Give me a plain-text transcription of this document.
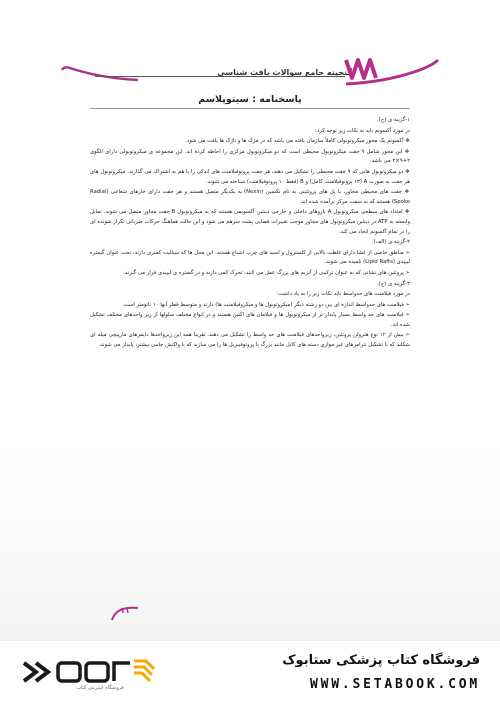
گنجینه جامع سوالات بافت شناسی
پاسخنامه : سیتوپلاسم

۱-گزینه ی (ج).

در مورد آکسونم باید به نکات زیر توجه کرد:

❖ آکسونم یک محور میکروتوبولی کاملاً سازمان یافته می باشد که در مژک ها و تاژک ها یافت می شود.

❖ این محور شامل ۹ جفت میکروتوبول محیطی است که دو میکروتوبول مرکزی را احاطه کرده اند. این مجموعه ی میکروتوبولی دارای الگوی ۲+۹×۲ می باشد.

❖ دو میکروتوبول هایی که ۹ جفت محیطی را تشکیل می دهند، هر جفت پروتوفیلامنت های اندکی را با هم به اشتراک می گذارند. میکروتوبول های هر جفت به صورت A (۱۳ پروتوفیلامنت کامل) و B (فقط ۱۰ پروتوفیلامنت) شناخته می شوند.

❖ جفت های محیطی مجاور، با پل های پروتئینی به نام نکسین (Nexin) به یکدیگر متصل هستند و هر جفت دارای خارهای شعاعی (Radial Spoke) هستند که به سمت مرکز برآمده شده اند.

❖ امتداد های سطحی میکروتوبول A بازوهای داخلی و خارجی دینئین آکسونمی هستند که به میکروتوبول B جفت مجاور متصل می شوند. تمایل وابسته به ATP در دینئین میکروتوبول های مجاور موجب تغییرات فضایی پشت سرهم می شود و این حالت هماهنگ حرکات ضربانی تکرار شونده ای را در تمام آکسونم ایجاد می کند.

۲-گزینه ی (الف).

➢ مناطق خاصی از غشا دارای غلظت بالایی از کلسترول و اسید های چرب اشباع هستند. این محل ها که سیالیت کمتری دارند، تحت عنوان گستره لیپیدی (Lipid Rafts) نامیده می شوند.

➢ پروتئین های نشانی که به عنوان ترکیبی از آنزیم های بزرگ عمل می کنند، تحرک کمی دارند و در گستره ی لیپیدی قرار می گیرند.

۳-گزینه ی (ج).

در مورد فیلامنت های حدواسط باید نکات زیر را به یاد داشت:

➢ فیلامنت های حدواسط اندازه ای بین دو رشته دیگر (میکروتوبول ها و میکروفیلامنت ها) دارند و متوسط قطر آنها ۱۰ نانومتر است.

➢ فیلامنت های حد واسط بسیار پایدار تر از میکروتوبول ها و فیلامان های اکتین هستند و در انواع مختلف سلولها از زیر واحدهای مختلف تشکیل شده اند.

➢ بیش از ۱۲ نوع هترولن پروتئین، زیرواحدهای فیلامنت های حد واسط را تشکیل می دهند. تقریبا همه این زیرواحدها دایمرهای مارپیچی میله ای شکلند که با تشکیل تترامرهای غیر موازی دسته های کابل مانند بزرگ یا پروتوفیبریل ها را می سازند که با واکنش جانبی بیشتر، پایدار می شوند.

۱۱
فروشگاه اینترنتی کتاب
فروشگاه کتاب پزشکی ستابوک
WWW.SETABOOK.COM
